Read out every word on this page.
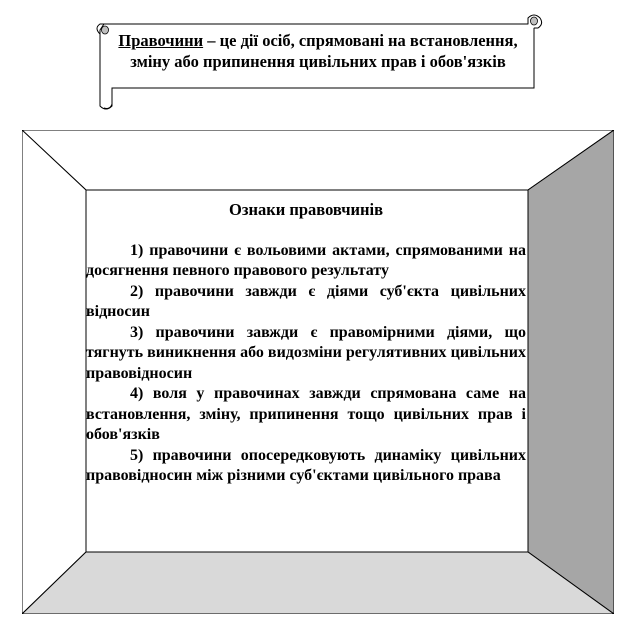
Правочини – це дії осіб, спрямовані на встановлення, зміну або припинення цивільних прав і обов'язків
Ознаки правовчинів

1) правочини є вольовими актами, спрямованими на досягнення певного правового результату

2) правочини завжди є діями суб'єкта цивільних відносин

3) правочини завжди є правомірними діями, що тягнуть виникнення або видозміни регулятивних цивільних правовідносин

4) воля у правочинах завжди спрямована саме на встановлення, зміну, припинення тощо цивільних прав і обов'язків

5) правочини опосередковують динаміку цивільних правовідносин між різними суб'єктами цивільного права
